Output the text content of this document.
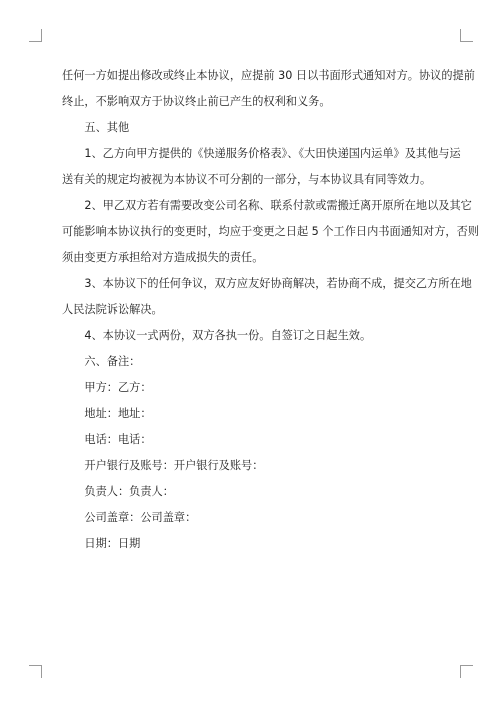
任何一方如提出修改或终止本协议，应提前 30 日以书面形式通知对方。协议的提前
终止，不影响双方于协议终止前已产生的权利和义务。
　　五、其他
　　1、乙方向甲方提供的《快递服务价格表》、《大田快递国内运单》及其他与运
送有关的规定均被视为本协议不可分割的一部分，与本协议具有同等效力。
　　2、甲乙双方若有需要改变公司名称、联系付款或需搬迁离开原所在地以及其它
可能影响本协议执行的变更时，均应于变更之日起 5 个工作日内书面通知对方，否则
须由变更方承担给对方造成损失的责任。
　　3、本协议下的任何争议，双方应友好协商解决，若协商不成，提交乙方所在地
人民法院诉讼解决。
　　4、本协议一式两份，双方各执一份。自签订之日起生效。
　　六、备注：
　　甲方：乙方：
　　地址：地址：
　　电话：电话：
　　开户银行及账号：开户银行及账号：
　　负责人：负责人：
　　公司盖章：公司盖章：
　　日期：日期
